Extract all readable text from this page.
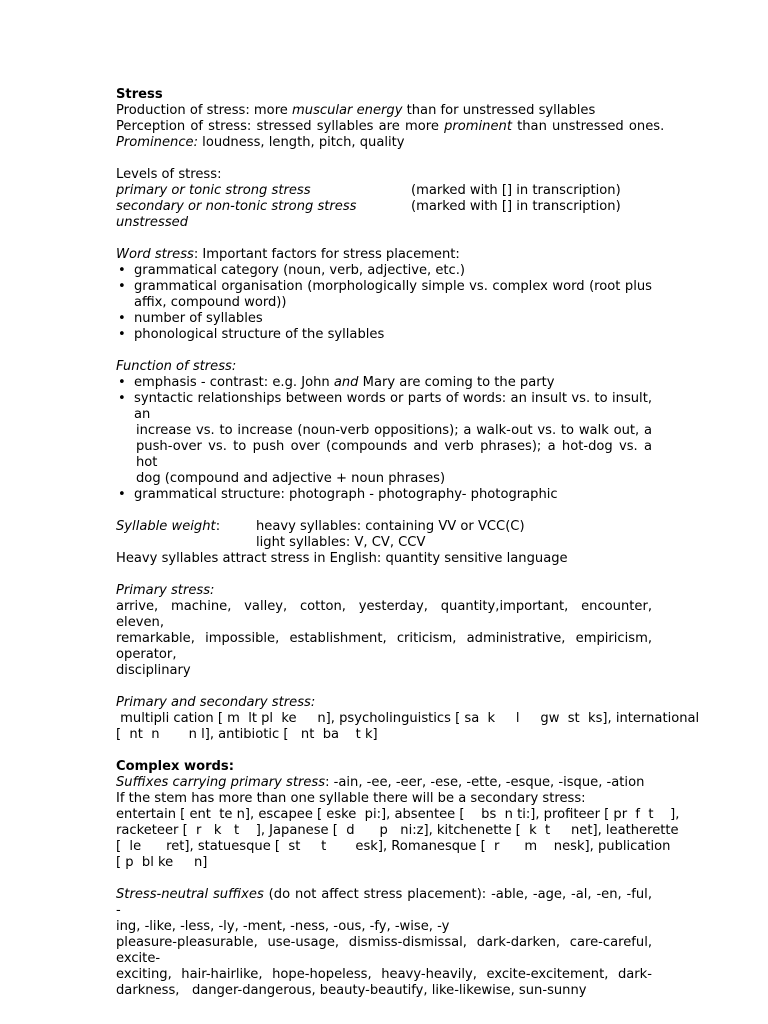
Stress
Production of stress: more muscular energy than for unstressed syllables
Perception of stress: stressed syllables are more prominent than unstressed ones.
Prominence: loudness, length, pitch, quality
Levels of stress:
primary or tonic strong stress	(marked with [] in transcription)
secondary or non-tonic strong stress	(marked with [] in transcription)
unstressed
Word stress: Important factors for stress placement:
• grammatical category (noun, verb, adjective, etc.)
• grammatical organisation (morphologically simple vs. complex word (root plus
affix, compound word))
• number of syllables
• phonological structure of the syllables
Function of stress:
• emphasis - contrast: e.g. John and Mary are coming to the party
• syntactic relationships between words or parts of words: an insult vs. to insult, an
increase vs. to increase (noun-verb oppositions); a walk-out vs. to walk out, a
push-over vs. to push over (compounds and verb phrases); a hot-dog vs. a hot
dog (compound and adjective + noun phrases)
• grammatical structure: photograph - photography- photographic
Syllable weight:	heavy syllables: containing VV or VCC(C)
light syllables: V, CV, CCV
Heavy syllables attract stress in English: quantity sensitive language
Primary stress:
arrive, machine, valley, cotton, yesterday, quantity,important, encounter, eleven,
remarkable, impossible, establishment, criticism, administrative, empiricism, operator,
disciplinary
Primary and secondary stress:
multipli cation [ m  lt pl  ke     n], psycholinguistics [ sa  k     l     gw  st  ks], international
[  nt  n       n l], antibiotic [   nt  ba    t k]
Complex words:
Suffixes carrying primary stress: -ain, -ee, -eer, -ese, -ette, -esque, -isque, -ation
If the stem has more than one syllable there will be a secondary stress:
entertain [ ent  te n], escapee [ eske  pi:], absentee [    bs  n ti:], profiteer [ pr  f  t    ],
racketeer [  r   k   t    ], Japanese [  d      p   ni:z], kitchenette [  k  t     net], leatherette
[  le      ret], statuesque [  st     t       esk], Romanesque [  r      m    nesk], publication
[ p  bl ke     n]
Stress-neutral suffixes (do not affect stress placement): -able, -age, -al, -en, -ful, -
ing, -like, -less, -ly, -ment, -ness, -ous, -fy, -wise, -y
pleasure-pleasurable, use-usage, dismiss-dismissal, dark-darken, care-careful, excite-
exciting, hair-hairlike, hope-hopeless, heavy-heavily, excite-excitement, dark-
darkness,   danger-dangerous, beauty-beautify, like-likewise, sun-sunny
